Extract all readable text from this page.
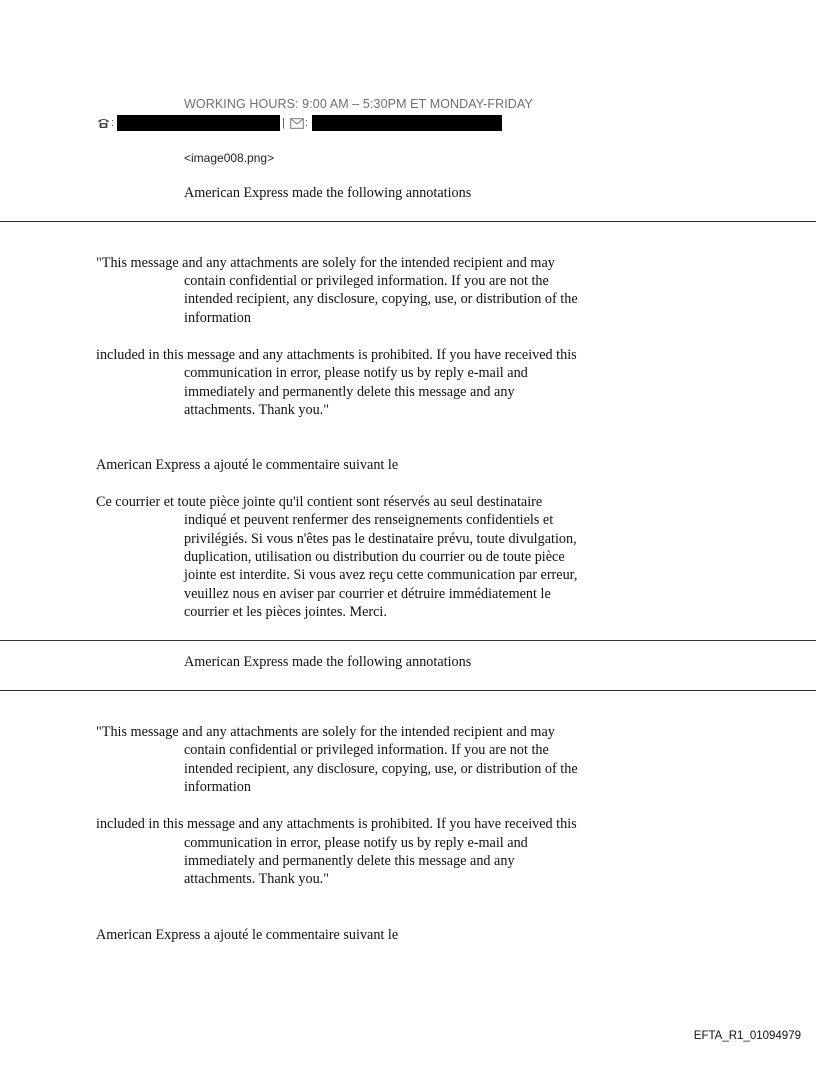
WORKING HOURS: 9:00 AM – 5:30PM ET MONDAY-FRIDAY
:	| :
<image008.png>
American Express made the following annotations
"This message and any attachments are solely for the intended recipient and may
contain confidential or privileged information. If you are not the
intended recipient, any disclosure, copying, use, or distribution of the
information
included in this message and any attachments is prohibited. If you have received this
communication in error, please notify us by reply e-mail and
immediately and permanently delete this message and any
attachments. Thank you."
American Express a ajouté le commentaire suivant le
Ce courrier et toute pièce jointe qu'il contient sont réservés au seul destinataire
indiqué et peuvent renfermer des renseignements confidentiels et
privilégiés. Si vous n'êtes pas le destinataire prévu, toute divulgation,
duplication, utilisation ou distribution du courrier ou de toute pièce
jointe est interdite. Si vous avez reçu cette communication par erreur,
veuillez nous en aviser par courrier et détruire immédiatement le
courrier et les pièces jointes. Merci.
American Express made the following annotations
"This message and any attachments are solely for the intended recipient and may
contain confidential or privileged information. If you are not the
intended recipient, any disclosure, copying, use, or distribution of the
information
included in this message and any attachments is prohibited. If you have received this
communication in error, please notify us by reply e-mail and
immediately and permanently delete this message and any
attachments. Thank you."
American Express a ajouté le commentaire suivant le
EFTA_R1_01094979
